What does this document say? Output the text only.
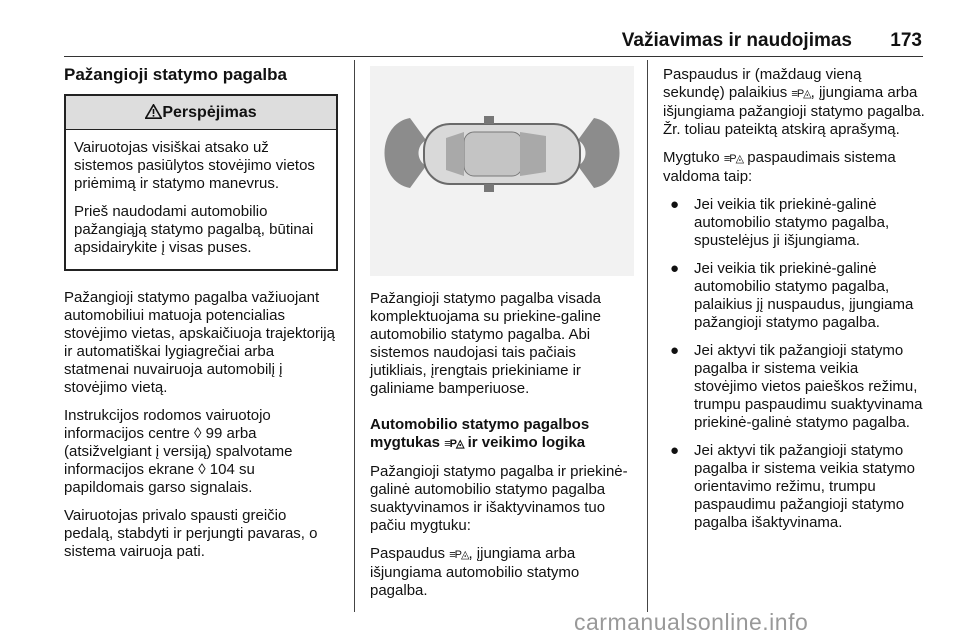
Važiavimas ir naudojimas 173
Pažangioji statymo pagalba
Perspėjimas

Vairuotojas visiškai atsako už sistemos pasiūlytos stovėjimo vietos priėmimą ir statymo manevrus.

Prieš naudodami automobilio pažangiąją statymo pagalbą, būtinai apsidairykite į visas puses.

Pažangioji statymo pagalba važiuojant automobiliui matuoja potencialias stovėjimo vietas, apskaičiuoja trajektoriją ir automatiškai lygiagrečiai arba statmenai nuvairuoja automobilį į stovėjimo vietą.

Instrukcijos rodomos vairuotojo informacijos centre ◊ 99 arba (atsižvelgiant į versiją) spalvotame informacijos ekrane ◊ 104 su papildomais garso signalais.

Vairuotojas privalo spausti greičio pedalą, stabdyti ir perjungti pavaras, o sistema vairuoja pati.

Pažangioji statymo pagalba visada komplektuojama su priekine-galine automobilio statymo pagalba. Abi sistemos naudojasi tais pačiais jutikliais, įrengtais priekiniame ir galiniame bamperiuose.

Automobilio statymo pagalbos mygtukas ≡P◬ ir veikimo logika

Pažangioji statymo pagalba ir priekinė-galinė automobilio statymo pagalba suaktyvinamos ir išaktyvinamos tuo pačiu mygtuku:

Paspaudus ≡P◬, įjungiama arba išjungiama automobilio statymo pagalba.

Paspaudus ir (maždaug vieną sekundę) palaikius ≡P◬, įjungiama arba išjungiama pažangioji statymo pagalba. Žr. toliau pateiktą atskirą aprašymą.

Mygtuko ≡P◬ paspaudimais sistema valdoma taip:

● Jei veikia tik priekinė-galinė automobilio statymo pagalba, spustelėjus ji išjungiama.
● Jei veikia tik priekinė-galinė automobilio statymo pagalba, palaikius jį nuspaudus, įjungiama pažangioji statymo pagalba.
● Jei aktyvi tik pažangioji statymo pagalba ir sistema veikia stovėjimo vietos paieškos režimu, trumpu paspaudimu suaktyvinama priekinė-galinė statymo pagalba.
● Jei aktyvi tik pažangioji statymo pagalba ir sistema veikia statymo orientavimo režimu, trumpu paspaudimu pažangioji statymo pagalba išaktyvinama.
carmanualsonline.info
